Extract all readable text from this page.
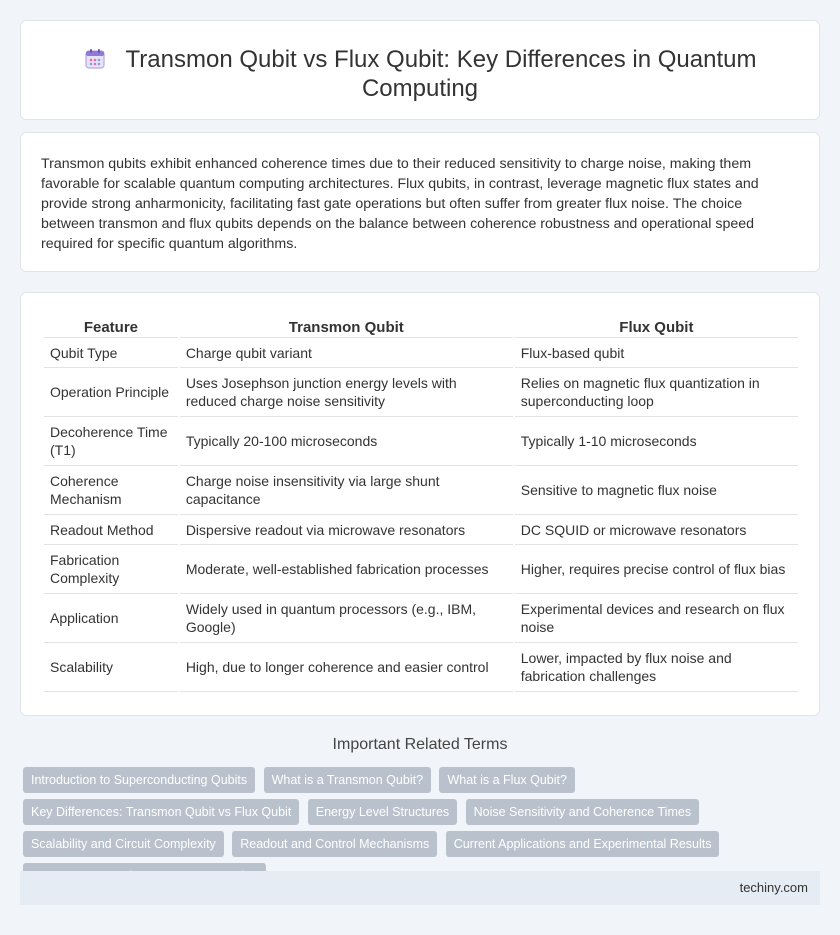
Transmon Qubit vs Flux Qubit: Key Differences in Quantum Computing

Transmon qubits exhibit enhanced coherence times due to their reduced sensitivity to charge noise, making them favorable for scalable quantum computing architectures. Flux qubits, in contrast, leverage magnetic flux states and provide strong anharmonicity, facilitating fast gate operations but often suffer from greater flux noise. The choice between transmon and flux qubits depends on the balance between coherence robustness and operational speed required for specific quantum algorithms.

Feature	Transmon Qubit	Flux Qubit
Qubit Type	Charge qubit variant	Flux-based qubit
Operation Principle	Uses Josephson junction energy levels with reduced charge noise sensitivity	Relies on magnetic flux quantization in superconducting loop
Decoherence Time (T1)	Typically 20-100 microseconds	Typically 1-10 microseconds
Coherence Mechanism	Charge noise insensitivity via large shunt capacitance	Sensitive to magnetic flux noise
Readout Method	Dispersive readout via microwave resonators	DC SQUID or microwave resonators
Fabrication Complexity	Moderate, well-established fabrication processes	Higher, requires precise control of flux bias
Application	Widely used in quantum processors (e.g., IBM, Google)	Experimental devices and research on flux noise
Scalability	High, due to longer coherence and easier control	Lower, impacted by flux noise and fabrication challenges
Important Related Terms
Introduction to Superconducting Qubits What is a Transmon Qubit? What is a Flux Qubit? Key Differences: Transmon Qubit vs Flux Qubit Energy Level Structures Noise Sensitivity and Coherence Times Scalability and Circuit Complexity Readout and Control Mechanisms Current Applications and Experimental Results
techiny.com
